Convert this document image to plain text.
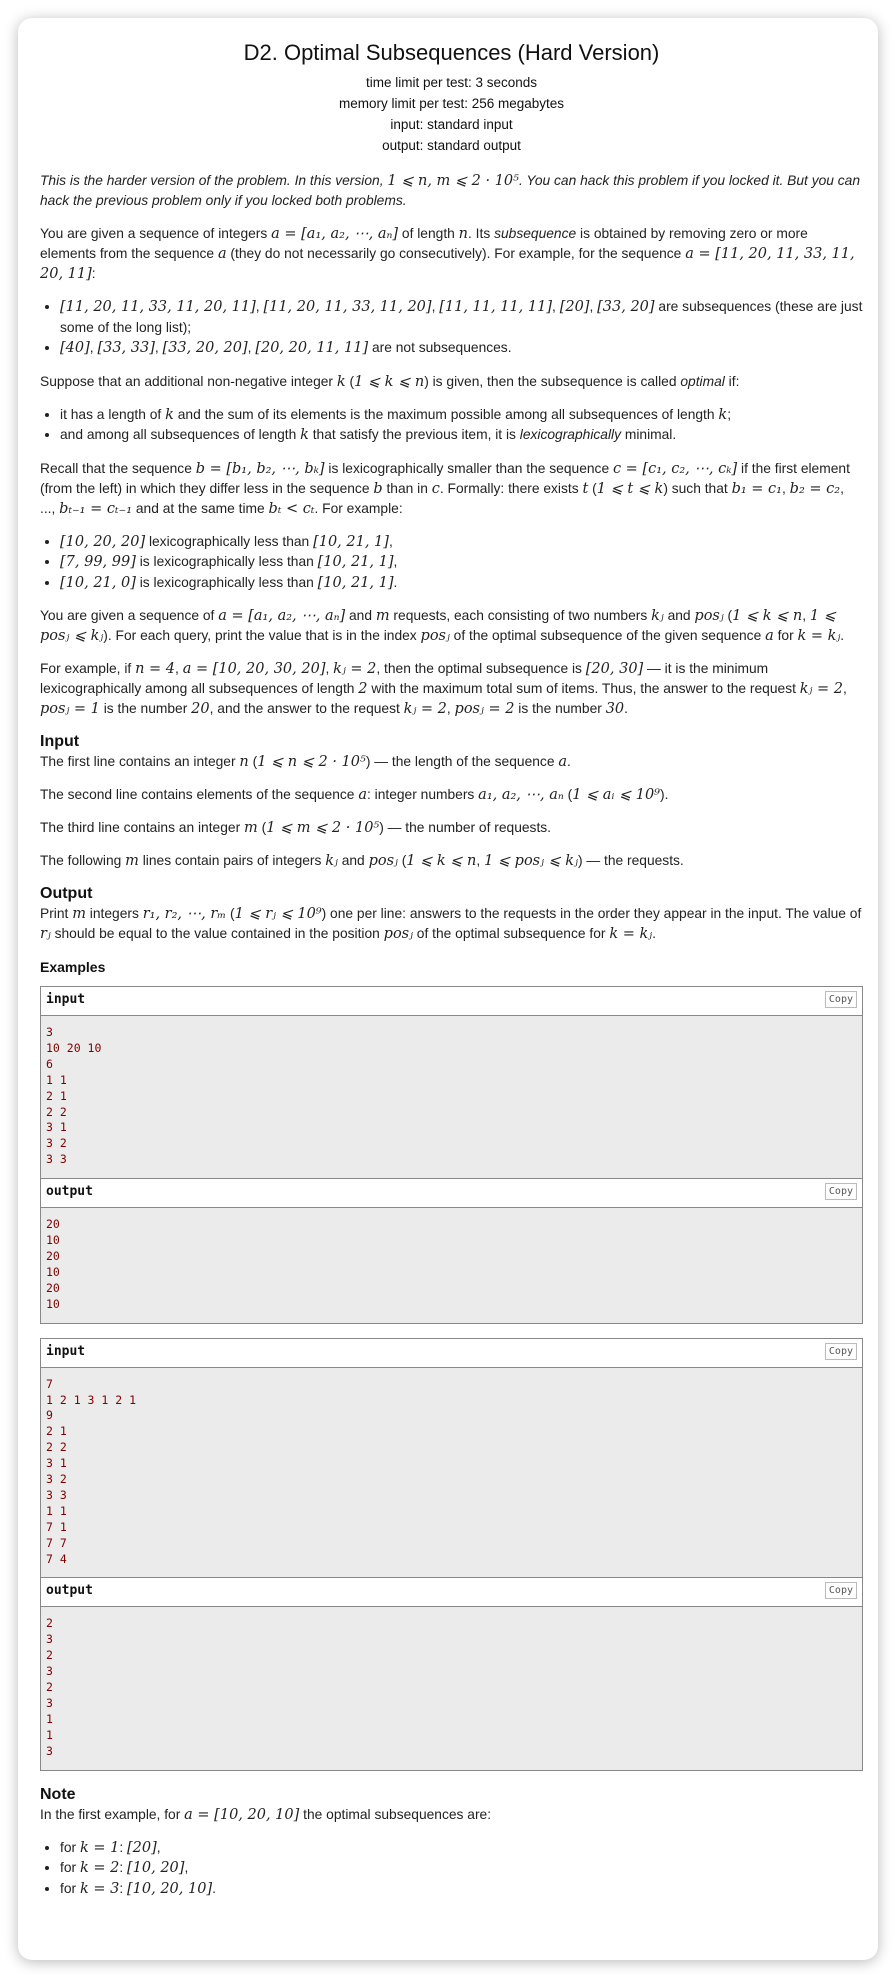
D2. Optimal Subsequences (Hard Version)
time limit per test: 3 seconds
memory limit per test: 256 megabytes
input: standard input
output: standard output

This is the harder version of the problem. In this version, 1 ⩽ n, m ⩽ 2 · 10⁵. You can hack this problem if you locked it. But you can hack the previous problem only if you locked both problems.

You are given a sequence of integers a = [a₁, a₂, ⋯, aₙ] of length n. Its subsequence is obtained by removing zero or more elements from the sequence a (they do not necessarily go consecutively). For example, for the sequence a = [11, 20, 11, 33, 11, 20, 11]:

• [11, 20, 11, 33, 11, 20, 11], [11, 20, 11, 33, 11, 20], [11, 11, 11, 11], [20], [33, 20] are subsequences (these are just some of the long list);
• [40], [33, 33], [33, 20, 20], [20, 20, 11, 11] are not subsequences.

Suppose that an additional non-negative integer k (1 ⩽ k ⩽ n) is given, then the subsequence is called optimal if:

• it has a length of k and the sum of its elements is the maximum possible among all subsequences of length k;
• and among all subsequences of length k that satisfy the previous item, it is lexicographically minimal.

Recall that the sequence b = [b₁, b₂, ⋯, bₖ] is lexicographically smaller than the sequence c = [c₁, c₂, ⋯, cₖ] if the first element (from the left) in which they differ less in the sequence b than in c. Formally: there exists t (1 ⩽ t ⩽ k) such that b₁ = c₁, b₂ = c₂, ..., bₜ₋₁ = cₜ₋₁ and at the same time bₜ < cₜ. For example:

• [10, 20, 20] lexicographically less than [10, 21, 1],
• [7, 99, 99] is lexicographically less than [10, 21, 1],
• [10, 21, 0] is lexicographically less than [10, 21, 1].

You are given a sequence of a = [a₁, a₂, ⋯, aₙ] and m requests, each consisting of two numbers kⱼ and posⱼ (1 ⩽ k ⩽ n, 1 ⩽ posⱼ ⩽ kⱼ). For each query, print the value that is in the index posⱼ of the optimal subsequence of the given sequence a for k = kⱼ.

For example, if n = 4, a = [10, 20, 30, 20], kⱼ = 2, then the optimal subsequence is [20, 30] — it is the minimum lexicographically among all subsequences of length 2 with the maximum total sum of items. Thus, the answer to the request kⱼ = 2, posⱼ = 1 is the number 20, and the answer to the request kⱼ = 2, posⱼ = 2 is the number 30.

Input

The first line contains an integer n (1 ⩽ n ⩽ 2 · 10⁵) — the length of the sequence a.

The second line contains elements of the sequence a: integer numbers a₁, a₂, ⋯, aₙ (1 ⩽ aᵢ ⩽ 10⁹).

The third line contains an integer m (1 ⩽ m ⩽ 2 · 10⁵) — the number of requests.

The following m lines contain pairs of integers kⱼ and posⱼ (1 ⩽ k ⩽ n, 1 ⩽ posⱼ ⩽ kⱼ) — the requests.

Output

Print m integers r₁, r₂, ⋯, rₘ (1 ⩽ rⱼ ⩽ 10⁹) one per line: answers to the requests in the order they appear in the input. The value of rⱼ should be equal to the value contained in the position posⱼ of the optimal subsequence for k = kⱼ.

Examples
input	Copy
3
10 20 10
6
1 1
2 1
2 2
3 1
3 2
3 3
output	Copy
20
10
20
10
20
10
input	Copy
7
1 2 1 3 1 2 1
9
2 1
2 2
3 1
3 2
3 3
1 1
7 1
7 7
7 4
output	Copy
2
3
2
3
2
3
1
1
3
Note

In the first example, for a = [10, 20, 10] the optimal subsequences are:

• for k = 1: [20],
• for k = 2: [10, 20],
• for k = 3: [10, 20, 10].
